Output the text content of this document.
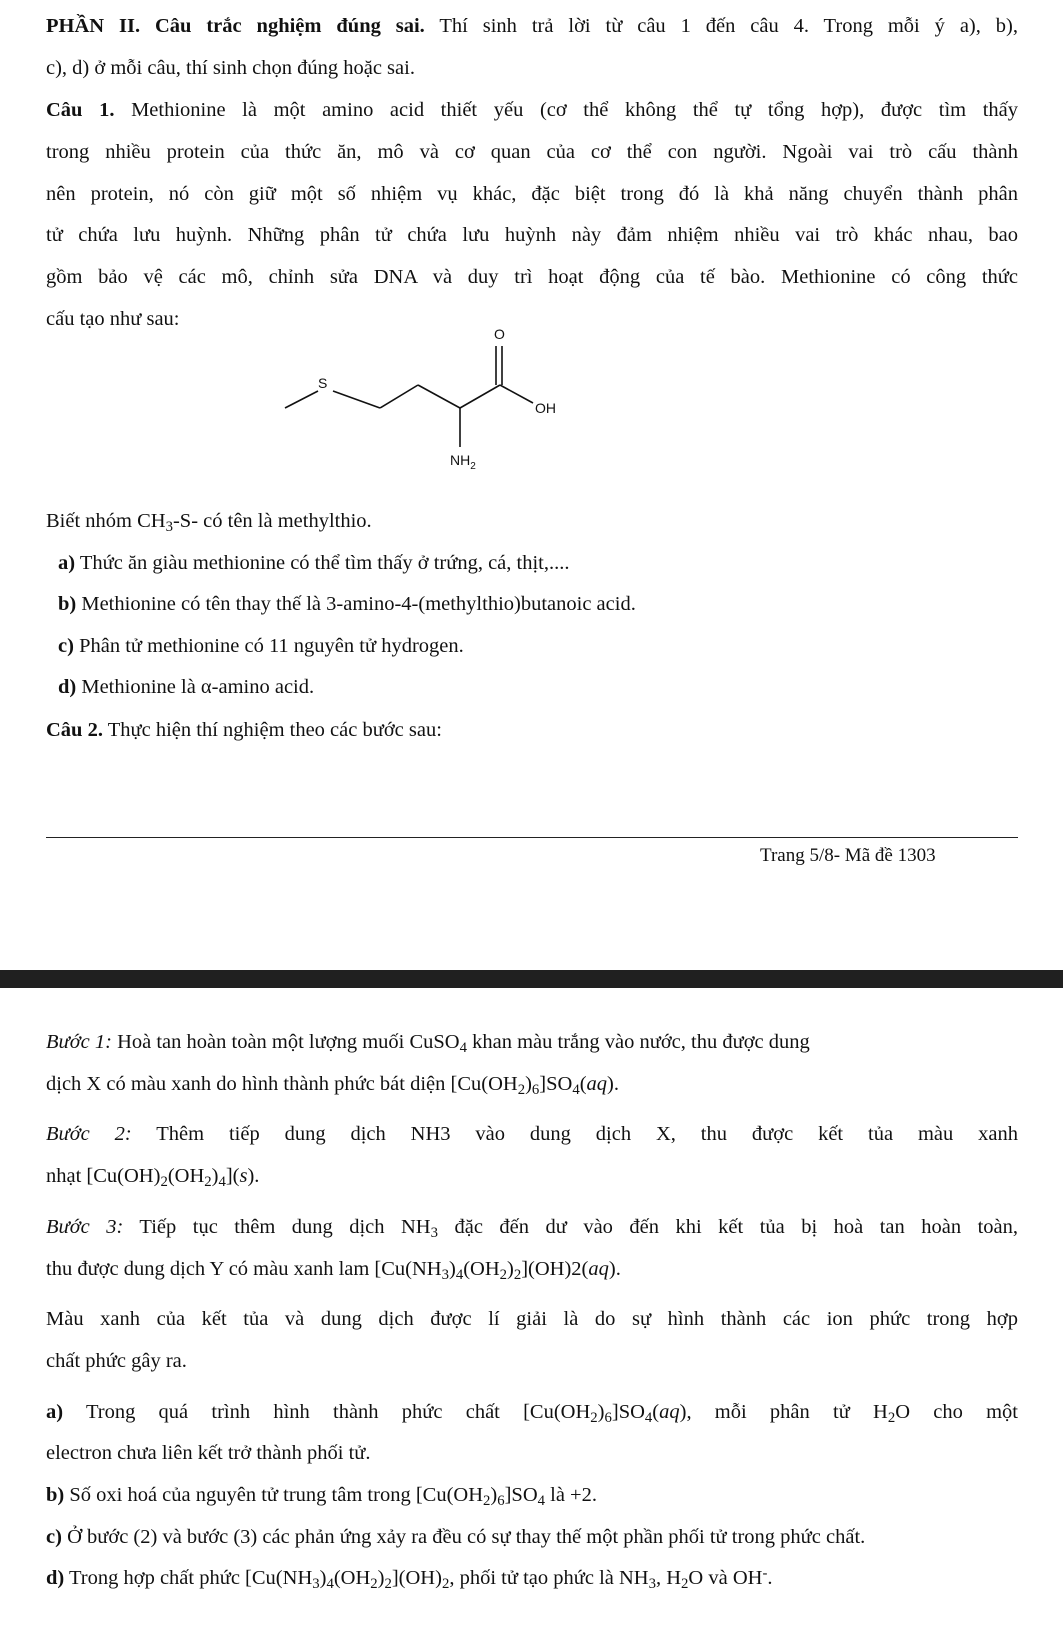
PHẦN II. Câu trắc nghiệm đúng sai. Thí sinh trả lời từ câu 1 đến câu 4. Trong mỗi ý a), b),
c), d) ở mỗi câu, thí sinh chọn đúng hoặc sai.
Câu 1. Methionine là một amino acid thiết yếu (cơ thể không thể tự tổng hợp), được tìm thấy
trong nhiều protein của thức ăn, mô và cơ quan của cơ thể con người. Ngoài vai trò cấu thành
nên protein, nó còn giữ một số nhiệm vụ khác, đặc biệt trong đó là khả năng chuyển thành phân
tử chứa lưu huỳnh. Những phân tử chứa lưu huỳnh này đảm nhiệm nhiều vai trò khác nhau, bao
gồm bảo vệ các mô, chỉnh sửa DNA và duy trì hoạt động của tế bào. Methionine có công thức
cấu tạo như sau:
S
O
OH
$NH_2$
Biết nhóm $CH_3-S-$ có tên là methylthio.
a) Thức ăn giàu methionine có thể tìm thấy ở trứng, cá, thịt,....
b) Methionine có tên thay thế là 3-amino-4-(methylthio)butanoic acid.
c) Phân tử methionine có 11 nguyên tử hydrogen.
d) Methionine là α-amino acid.
Câu 2. Thực hiện thí nghiệm theo các bước sau:
Trang 5/8- Mã đề 1303
Bước 1: Hoà tan hoàn toàn một lượng muối CuSO$_4$ khan màu trắng vào nước, thu được dung
dịch X có màu xanh do hình thành phức bát diện $[Cu(OH_2)_6]SO_4(aq)$.
Bước 2: Thêm tiếp dung dịch NH3 vào dung dịch X, thu được kết tủa màu xanh
nhạt $[Cu(OH)_2(OH_2)_4](s)$.
Bước 3: Tiếp tục thêm dung dịch $NH_3$ đặc đến dư vào đến khi kết tủa bị hoà tan hoàn toàn,
thu được dung dịch Y có màu xanh lam $[Cu(NH_3)_4(OH_2)_2](OH)2(aq)$.
Màu xanh của kết tủa và dung dịch được lí giải là do sự hình thành các ion phức trong hợp
chất phức gây ra.
a) Trong quá trình hình thành phức chất $[Cu(OH_2)_6]SO_4(aq)$, mỗi phân tử $H_2O$ cho một
electron chưa liên kết trở thành phối tử.
b) Số oxi hoá của nguyên tử trung tâm trong $[Cu(OH_2)_6]SO_4$ là +2.
c) Ở bước (2) và bước (3) các phản ứng xảy ra đều có sự thay thế một phần phối tử trong phức chất.
d) Trong hợp chất phức $[Cu(NH_3)_4(OH_2)_2](OH)_2$, phối tử tạo phức là $NH_3$, $H_2O$ và OH-.
